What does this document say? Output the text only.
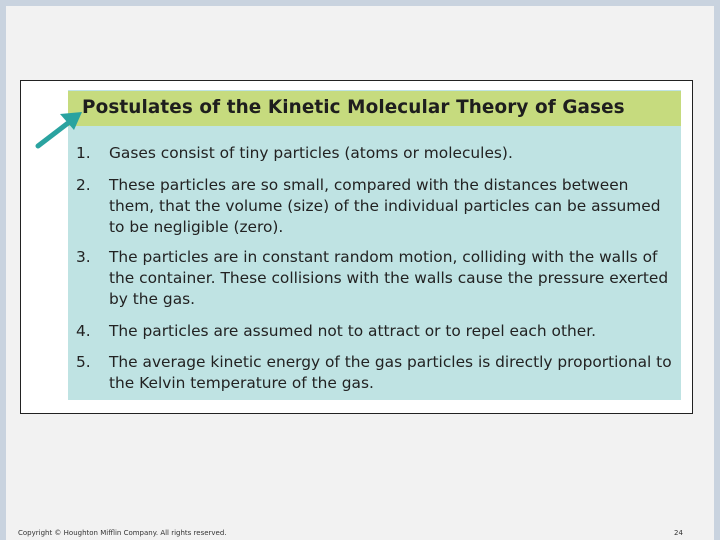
Postulates of the Kinetic Molecular Theory of Gases
1.	Gases consist of tiny particles (atoms or molecules).
2.	These particles are so small, compared with the distances between them, that the volume (size) of the individual particles can be assumed to be negligible (zero).
3.	The particles are in constant random motion, colliding with the walls of the container. These collisions with the walls cause the pressure exerted by the gas.
4.	The particles are assumed not to attract or to repel each other.
5.	The average kinetic energy of the gas particles is directly proportional to the Kelvin temperature of the gas.
Copyright © Houghton Mifflin Company. All rights reserved.	24
